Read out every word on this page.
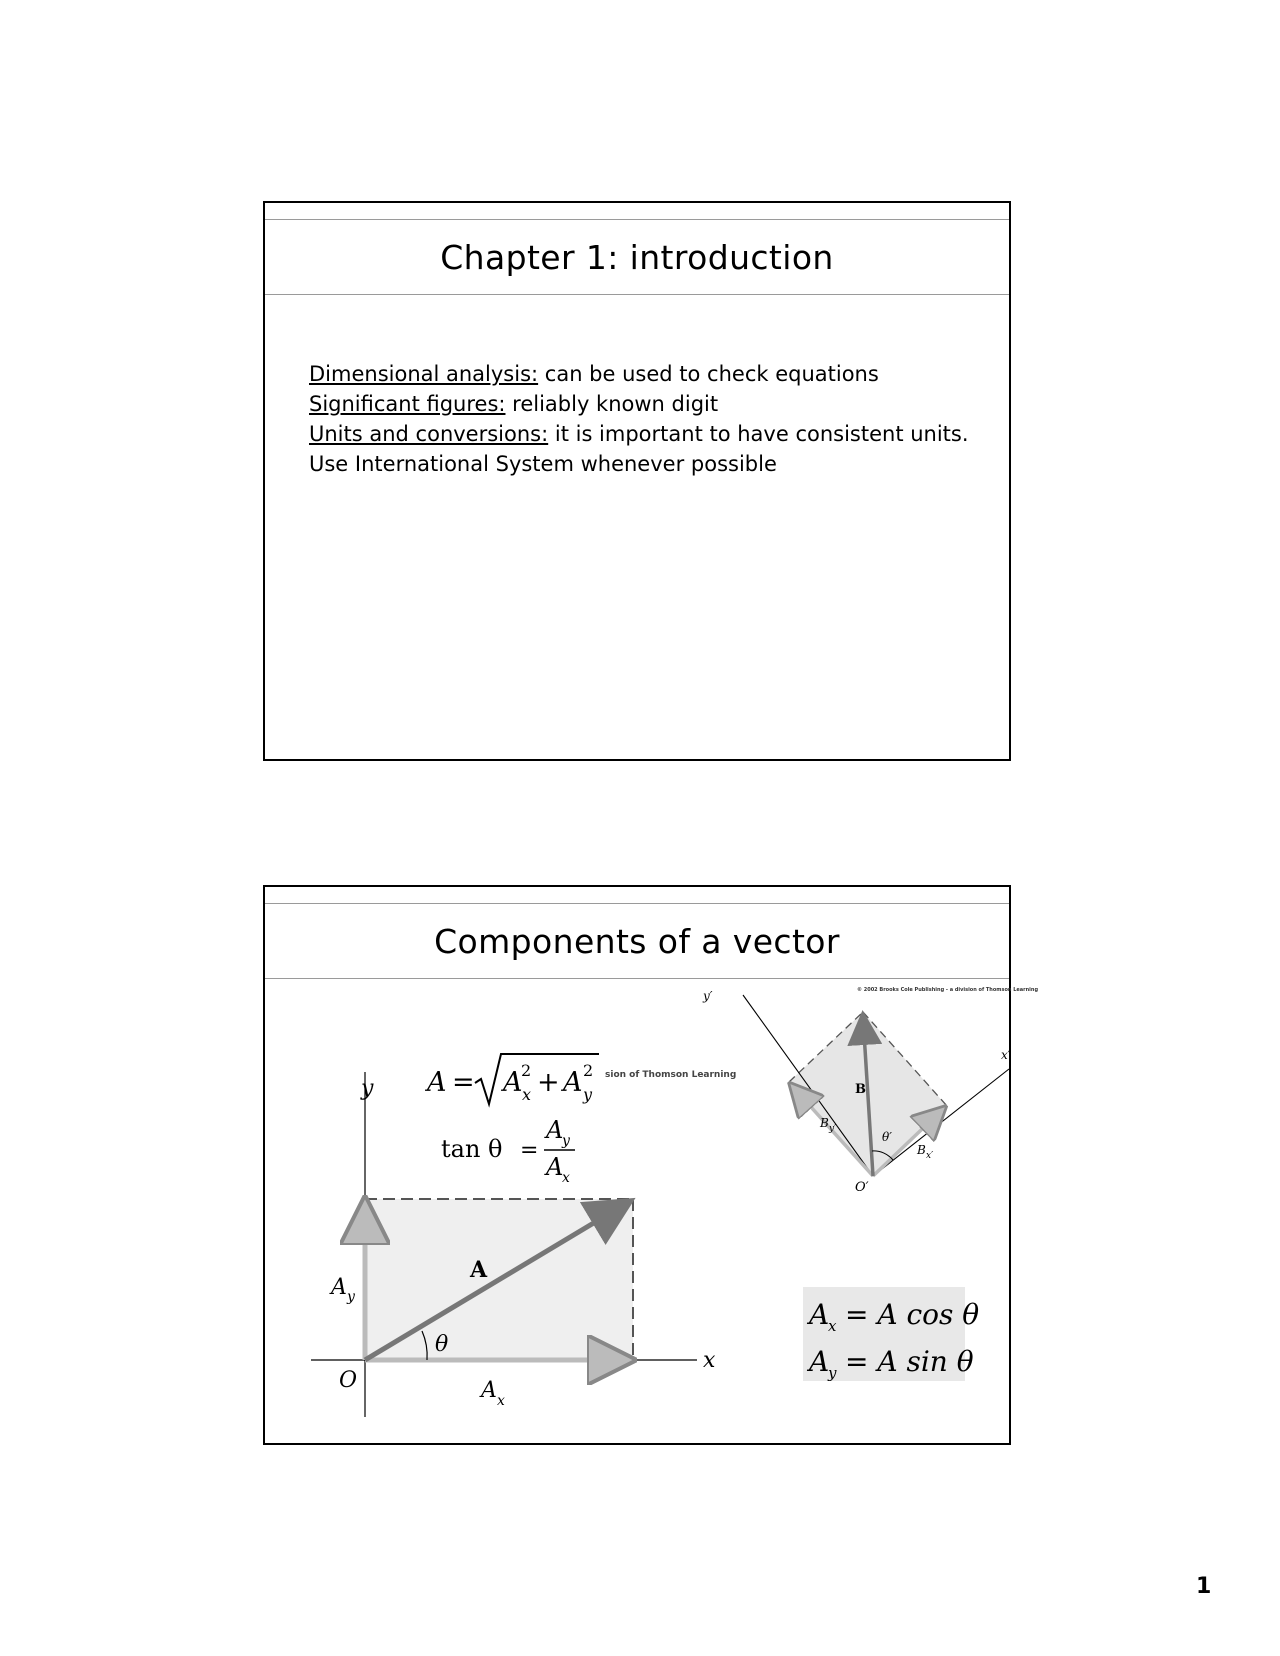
Chapter 1: introduction
Dimensional analysis: can be used to check equations
Significant figures: reliably known digit
Units and conversions: it is important to have consistent units. Use International System whenever possible
Components of a vector
A = A
2
x + A 2
y
sion of Thomson Learning
tan θ =
A
y
A
x
y
x
O
A
θ
A x
A y
y′
x′
O′
B
θ′
B y′
B x′
© 2002 Brooks Cole Publishing - a division of Thomson Learning
A
x = A cos θ
A
y = A sin θ
1
